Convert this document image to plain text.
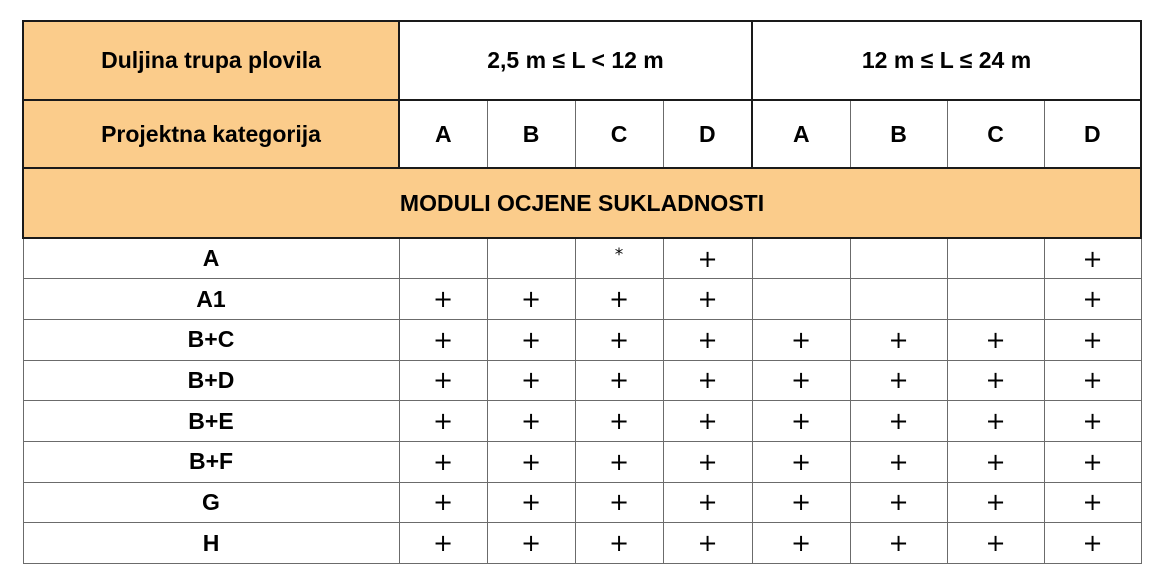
Duljina trupa plovila	2,5 m ≤ L < 12 m				12 m ≤ L ≤ 24 m			
Projektna kategorija	A	B	C	D	A	B	C	D
MODULI OCJENE SUKLADNOSTI								
A			*	+				+
A1	+	+	+	+				+
B+C	+	+	+	+	+	+	+	+
B+D	+	+	+	+	+	+	+	+
B+E	+	+	+	+	+	+	+	+
B+F	+	+	+	+	+	+	+	+
G	+	+	+	+	+	+	+	+
H	+	+	+	+	+	+	+	+
